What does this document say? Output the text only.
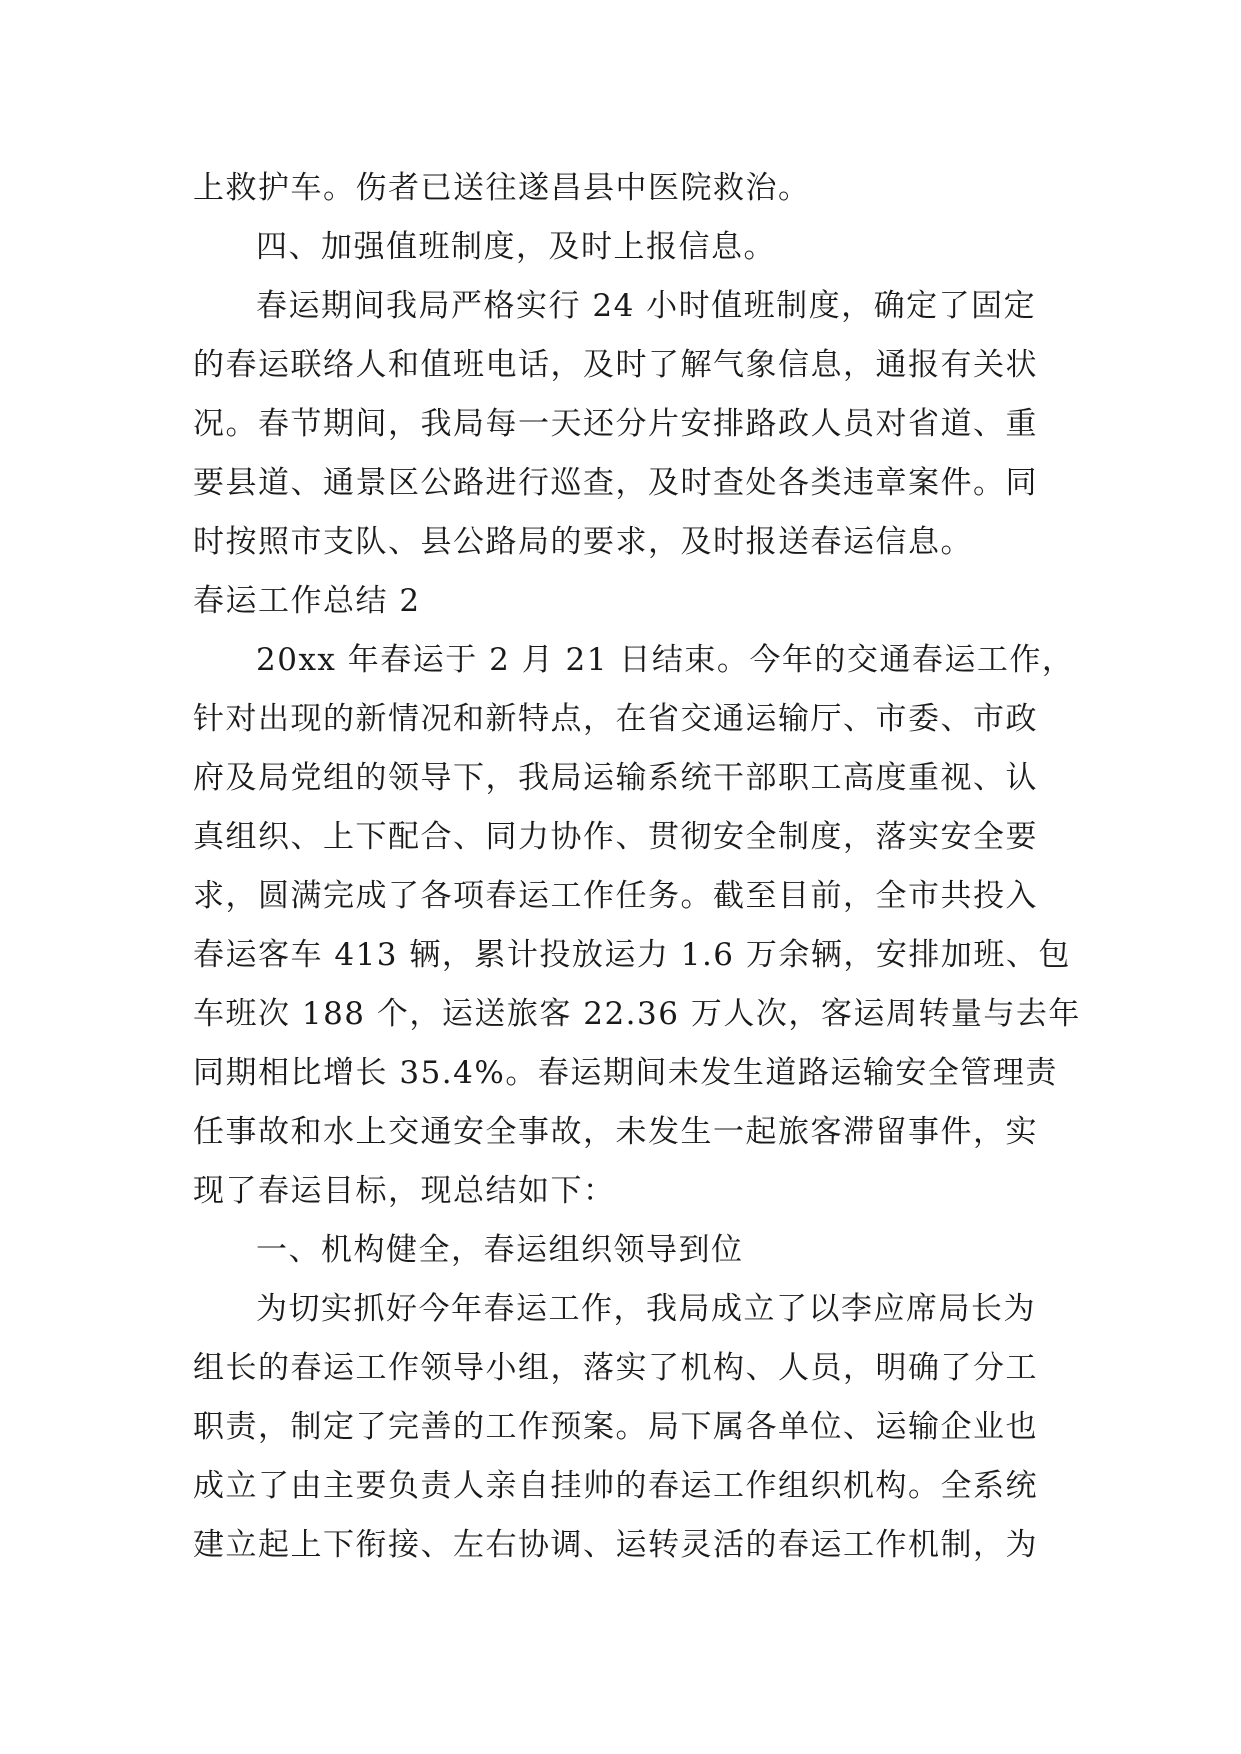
上救护车。伤者已送往遂昌县中医院救治。
四、加强值班制度，及时上报信息。
春运期间我局严格实行 24 小时值班制度，确定了固定
的春运联络人和值班电话，及时了解气象信息，通报有关状
况。春节期间，我局每一天还分片安排路政人员对省道、重
要县道、通景区公路进行巡查，及时查处各类违章案件。同
时按照市支队、县公路局的要求，及时报送春运信息。
春运工作总结 2
20xx 年春运于 2 月 21 日结束。今年的交通春运工作，
针对出现的新情况和新特点，在省交通运输厅、市委、市政
府及局党组的领导下，我局运输系统干部职工高度重视、认
真组织、上下配合、同力协作、贯彻安全制度，落实安全要
求，圆满完成了各项春运工作任务。截至目前，全市共投入
春运客车 413 辆，累计投放运力 1.6 万余辆，安排加班、包
车班次 188 个，运送旅客 22.36 万人次，客运周转量与去年
同期相比增长 35.4%。春运期间未发生道路运输安全管理责
任事故和水上交通安全事故，未发生一起旅客滞留事件，实
现了春运目标，现总结如下：
一、机构健全，春运组织领导到位
为切实抓好今年春运工作，我局成立了以李应席局长为
组长的春运工作领导小组，落实了机构、人员，明确了分工
职责，制定了完善的工作预案。局下属各单位、运输企业也
成立了由主要负责人亲自挂帅的春运工作组织机构。全系统
建立起上下衔接、左右协调、运转灵活的春运工作机制，为
